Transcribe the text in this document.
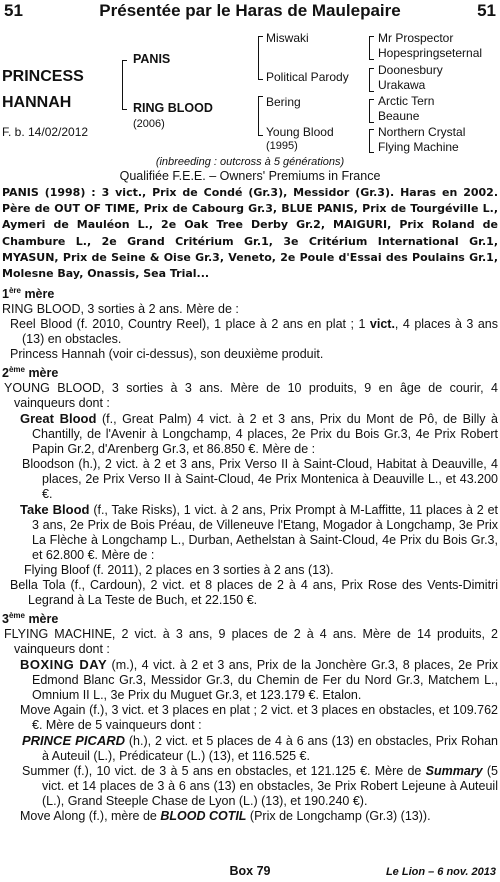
51	Présentée par le Haras de Maulepaire	51
PRINCESS
HANNAH
F. b. 14/02/2012
PANIS
RING BLOOD
(2006)
Miswaki
Political Parody
Bering
Young Blood
(1995)
Mr Prospector
Hopespringseternal
Doonesbury
Urakawa
Arctic Tern
Beaune
Northern Crystal
Flying Machine
(inbreeding : outcross à 5 générations)
Qualifiée F.E.E. – Owners' Premiums in France
PANIS (1998) : 3 vict., Prix de Condé (Gr.3), Messidor (Gr.3). Haras en 2002. Père de OUT OF TIME, Prix de Cabourg Gr.3, BLUE PANIS, Prix de Tourgéville L., Aymeri de Mauléon L., 2e Oak Tree Derby Gr.2, MAIGURI, Prix Roland de Chambure L., 2e Grand Critérium Gr.1, 3e Critérium International Gr.1, MYASUN, Prix de Seine & Oise Gr.3, Veneto, 2e Poule d'Essai des Poulains Gr.1, Molesne Bay, Onassis, Sea Trial...

1ère mère

RING BLOOD, 3 sorties à 2 ans. Mère de :

Reel Blood (f. 2010, Country Reel), 1 place à 2 ans en plat ; 1 vict., 4 places à 3 ans (13) en obstacles.

Princess Hannah (voir ci-dessus), son deuxième produit.

2ème mère

YOUNG BLOOD, 3 sorties à 3 ans. Mère de 10 produits, 9 en âge de courir, 4 vainqueurs dont :

Great Blood (f., Great Palm) 4 vict. à 2 et 3 ans, Prix du Mont de Pô, de Billy à Chantilly, de l'Avenir à Longchamp, 4 places, 2e Prix du Bois Gr.3, 4e Prix Robert Papin Gr.2, d'Arenberg Gr.3, et 86.850 €. Mère de :

Bloodson (h.), 2 vict. à 2 et 3 ans, Prix Verso II à Saint-Cloud, Habitat à Deauville, 4 places, 2e Prix Verso II à Saint-Cloud, 4e Prix Montenica à Deauville L., et 43.200 €.

Take Blood (f., Take Risks), 1 vict. à 2 ans, Prix Prompt à M-Laffitte, 11 places à 2 et 3 ans, 2e Prix de Bois Préau, de Villeneuve l'Etang, Mogador à Longchamp, 3e Prix La Flèche à Longchamp L., Durban, Aethelstan à Saint-Cloud, 4e Prix du Bois Gr.3, et 62.800 €. Mère de :

Flying Bloof (f. 2011), 2 places en 3 sorties à 2 ans (13).

Bella Tola (f., Cardoun), 2 vict. et 8 places de 2 à 4 ans, Prix Rose des Vents-Dimitri Legrand à La Teste de Buch, et 22.150 €.

3ème mère

FLYING MACHINE, 2 vict. à 3 ans, 9 places de 2 à 4 ans. Mère de 14 produits, 2 vainqueurs dont :

BOXING DAY (m.), 4 vict. à 2 et 3 ans, Prix de la Jonchère Gr.3, 8 places, 2e Prix Edmond Blanc Gr.3, Messidor Gr.3, du Chemin de Fer du Nord Gr.3, Matchem L., Omnium II L., 3e Prix du Muguet Gr.3, et 123.179 €. Etalon.

Move Again (f.), 3 vict. et 3 places en plat ; 2 vict. et 3 places en obstacles, et 109.762 €. Mère de 5 vainqueurs dont :

PRINCE PICARD (h.), 2 vict. et 5 places de 4 à 6 ans (13) en obstacles, Prix Rohan à Auteuil (L.), Prédicateur (L.) (13), et 116.525 €.

Summer (f.), 10 vict. de 3 à 5 ans en obstacles, et 121.125 €. Mère de Summary (5 vict. et 14 places de 3 à 6 ans (13) en obstacles, 3e Prix Robert Lejeune à Auteuil (L.), Grand Steeple Chase de Lyon (L.) (13), et 190.240 €).

Move Along (f.), mère de BLOOD COTIL (Prix de Longchamp (Gr.3) (13)).

Box 79	Le Lion – 6 nov. 2013
